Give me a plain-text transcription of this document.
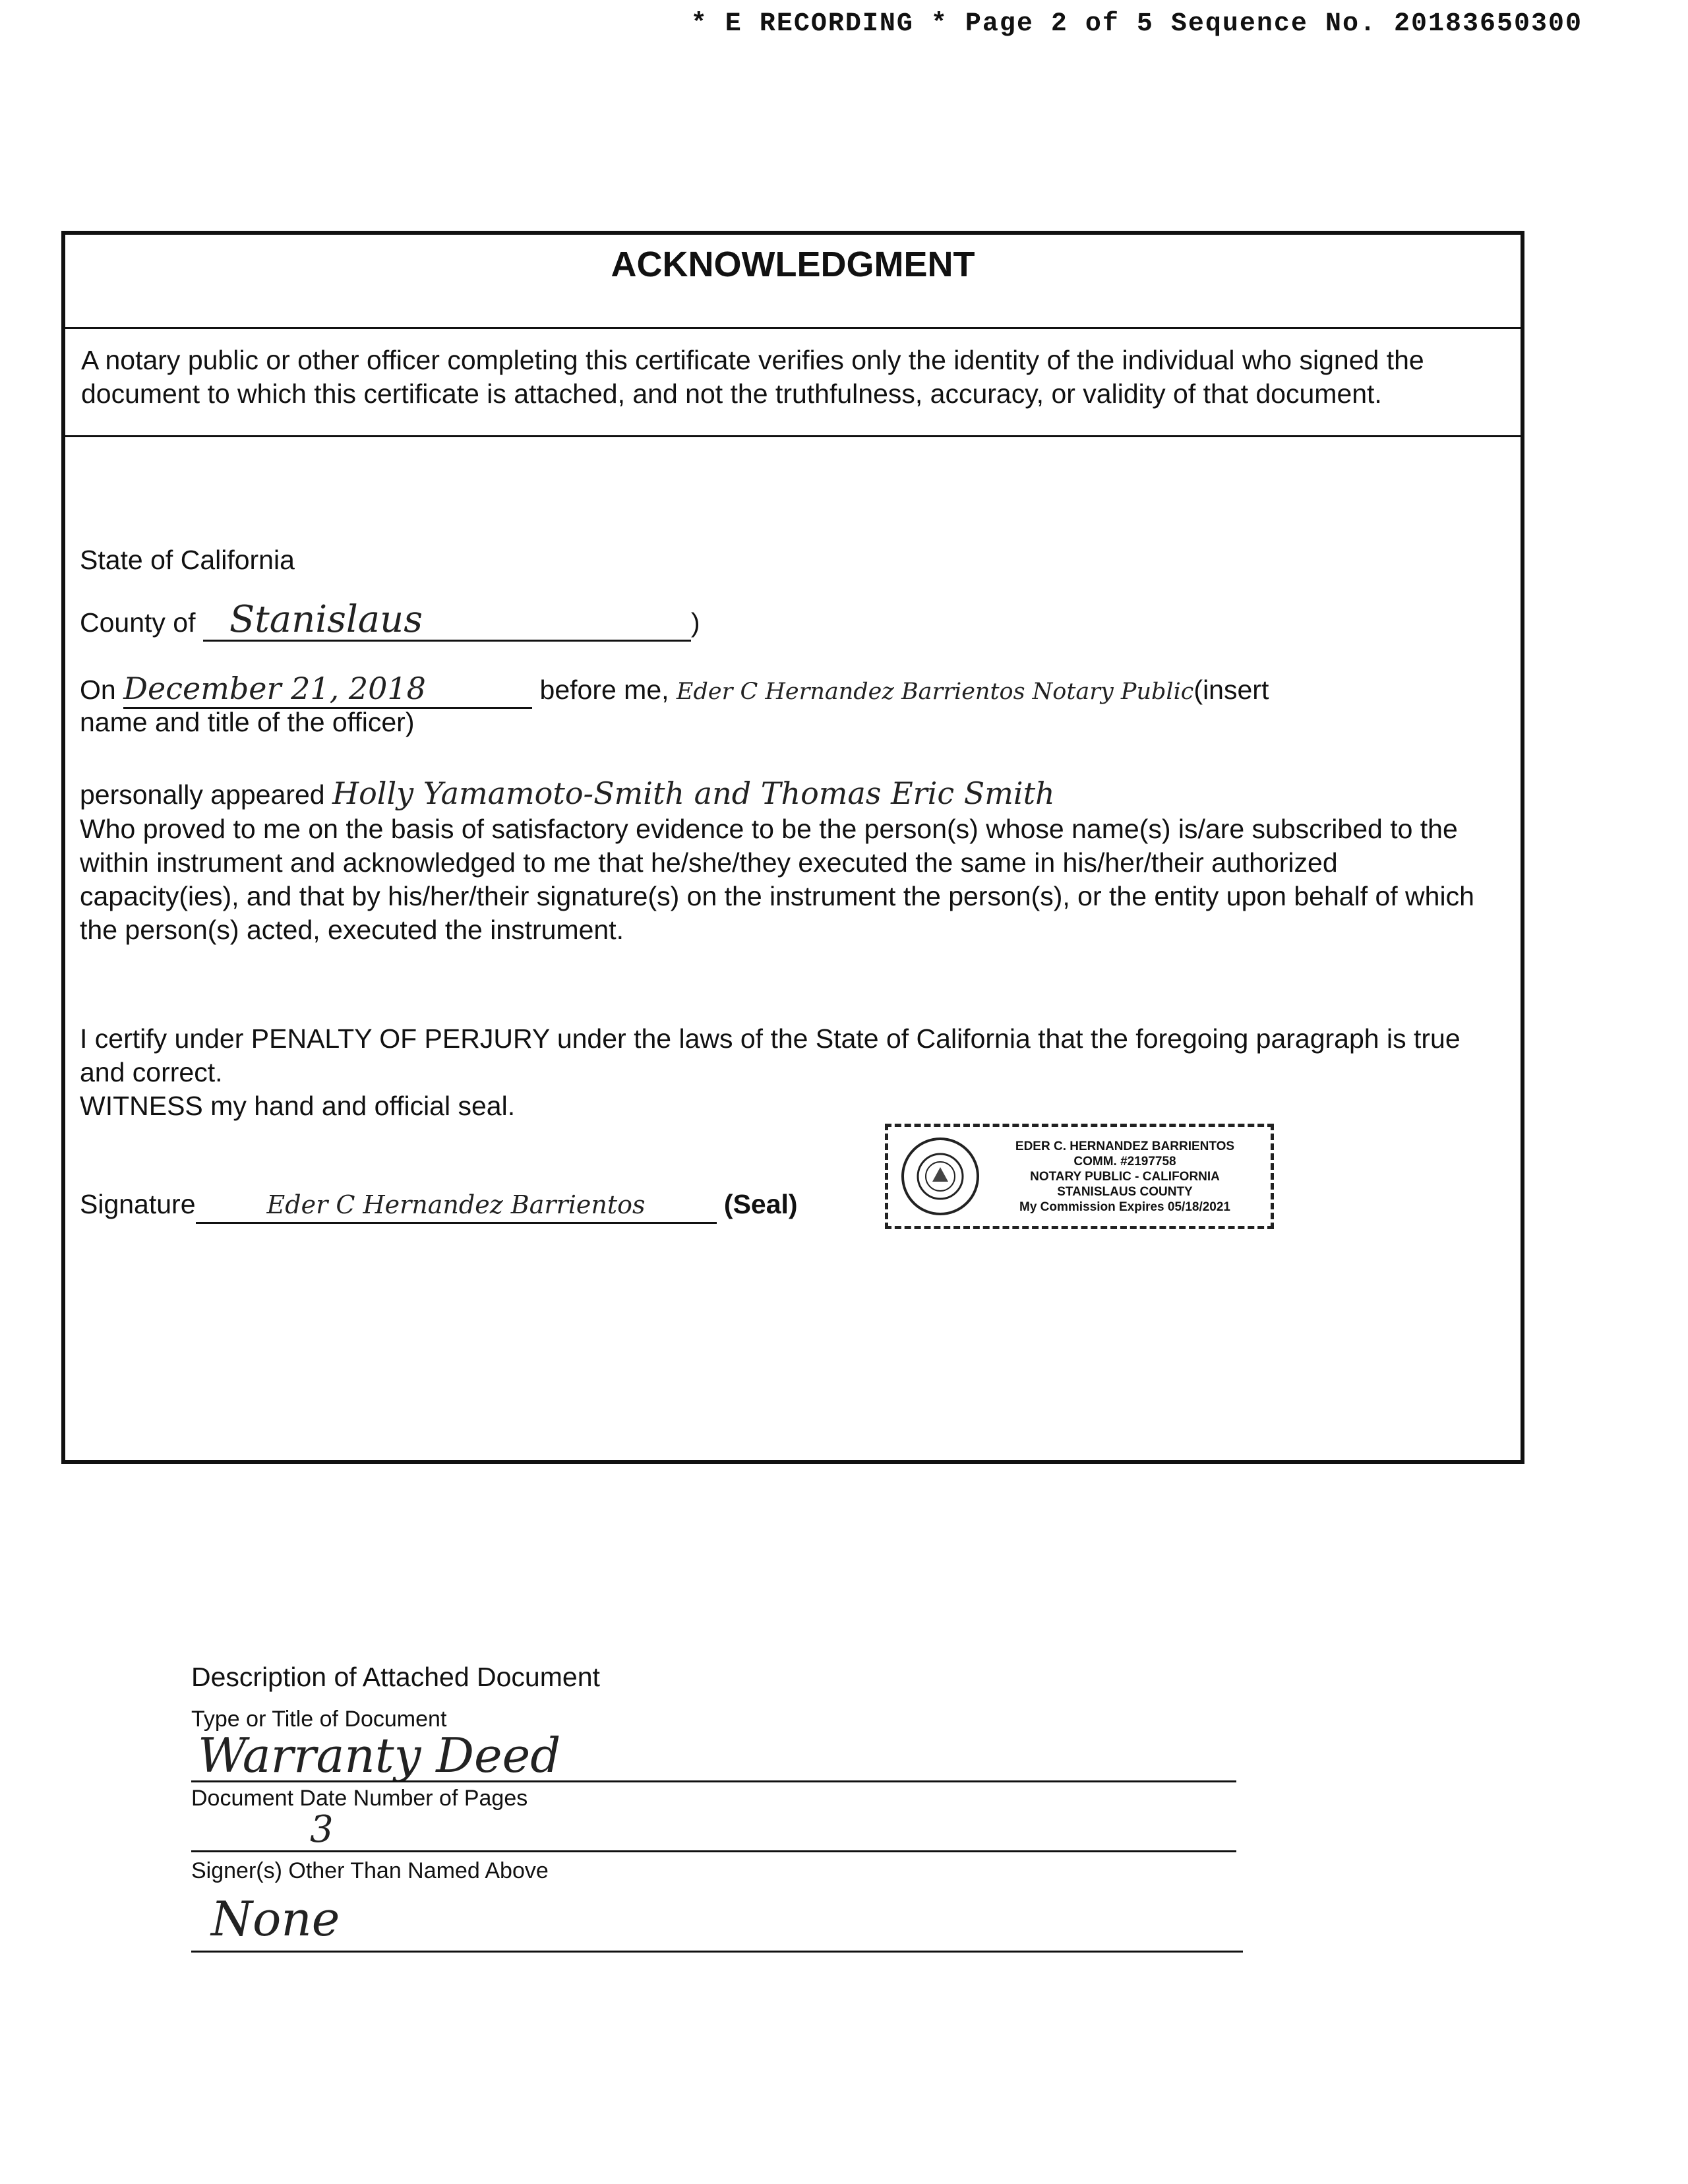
* E RECORDING * Page 2 of 5 Sequence No. 20183650300
ACKNOWLEDGMENT
A notary public or other officer completing this certificate verifies only the identity of the individual who signed the document to which this certificate is attached, and not the truthfulness, accuracy, or validity of that document.
State of California
County of Stanislaus	)
On December 21, 2018	before me, Eder C Hernandez Barrientos Notary Public(insert
name and title of the officer)
personally appeared Holly Yamamoto-Smith and Thomas Eric Smith
Who proved to me on the basis of satisfactory evidence to be the person(s) whose name(s) is/are subscribed to the within instrument and acknowledged to me that he/she/they executed the same in his/her/their authorized capacity(ies), and that by his/her/their signature(s) on the instrument the person(s), or the entity upon behalf of which the person(s) acted, executed the instrument.
I certify under PENALTY OF PERJURY under the laws of the State of California that the foregoing paragraph is true and correct.
WITNESS my hand and official seal.
Signature	Eder C Hernandez Barrientos	(Seal)
EDER C. HERNANDEZ BARRIENTOS
COMM. #2197758
NOTARY PUBLIC - CALIFORNIA
STANISLAUS COUNTY
My Commission Expires 05/18/2021
Description of Attached Document
Type or Title of Document
Warranty Deed
Document Date Number of Pages
3
Signer(s) Other Than Named Above
None
